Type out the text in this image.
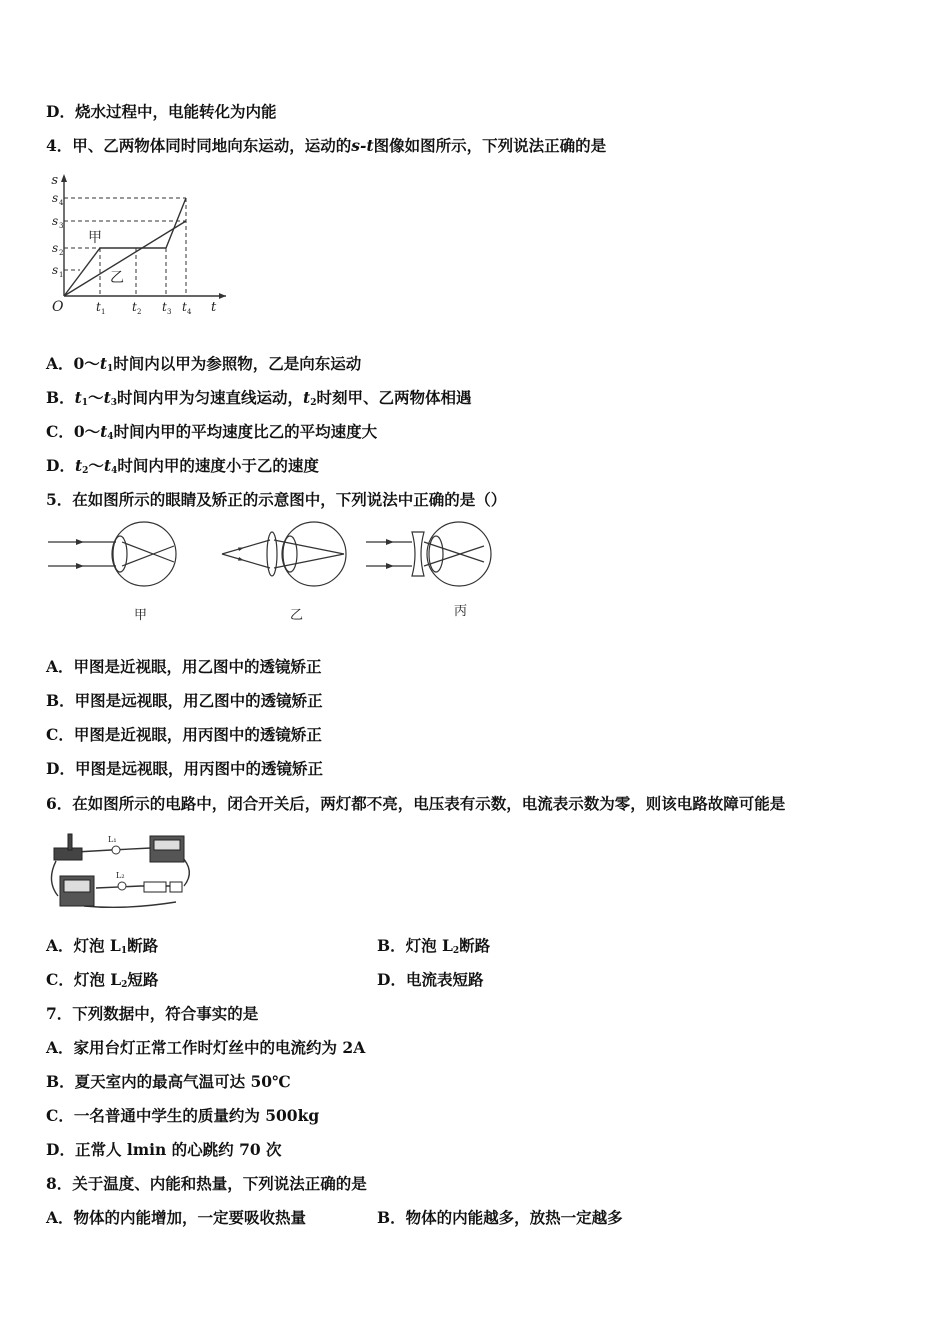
D．烧水过程中，电能转化为内能
4．甲、乙两物体同时同地向东运动，运动的s-t图像如图所示，下列说法正确的是
s
s 4
s 3
s 2
s 1
O	t 1 t 2 t 3 t 4 t
甲
乙
A．$0\sim t_1$时间内以甲为参照物，乙是向东运动
B．$t_1\sim t_3$时间内甲为匀速直线运动，$t_2$时刻甲、乙两物体相遇
C．$0\sim t_4$时间内甲的平均速度比乙的平均速度大
D．$t_2\sim t_4$时间内甲的速度小于乙的速度
5．在如图所示的眼睛及矫正的示意图中，下列说法中正确的是（）
甲	乙	丙
A．甲图是近视眼，用乙图中的透镜矫正
B．甲图是远视眼，用乙图中的透镜矫正
C．甲图是近视眼，用丙图中的透镜矫正
D．甲图是远视眼，用丙图中的透镜矫正
6．在如图所示的电路中，闭合开关后，两灯都不亮，电压表有示数，电流表示数为零，则该电路故障可能是
L₁
L₂
A．灯泡 $L_1$断路	B．灯泡 $L_2$断路
C．灯泡 $L_2$短路	D．电流表短路
7．下列数据中，符合事实的是
A．家用台灯正常工作时灯丝中的电流约为 2A
B．夏天室内的最高气温可达 50℃
C．一名普通中学生的质量约为 500kg
D．正常人 lmin 的心跳约 70 次
8．关于温度、内能和热量，下列说法正确的是
A．物体的内能增加，一定要吸收热量	B．物体的内能越多，放热一定越多
